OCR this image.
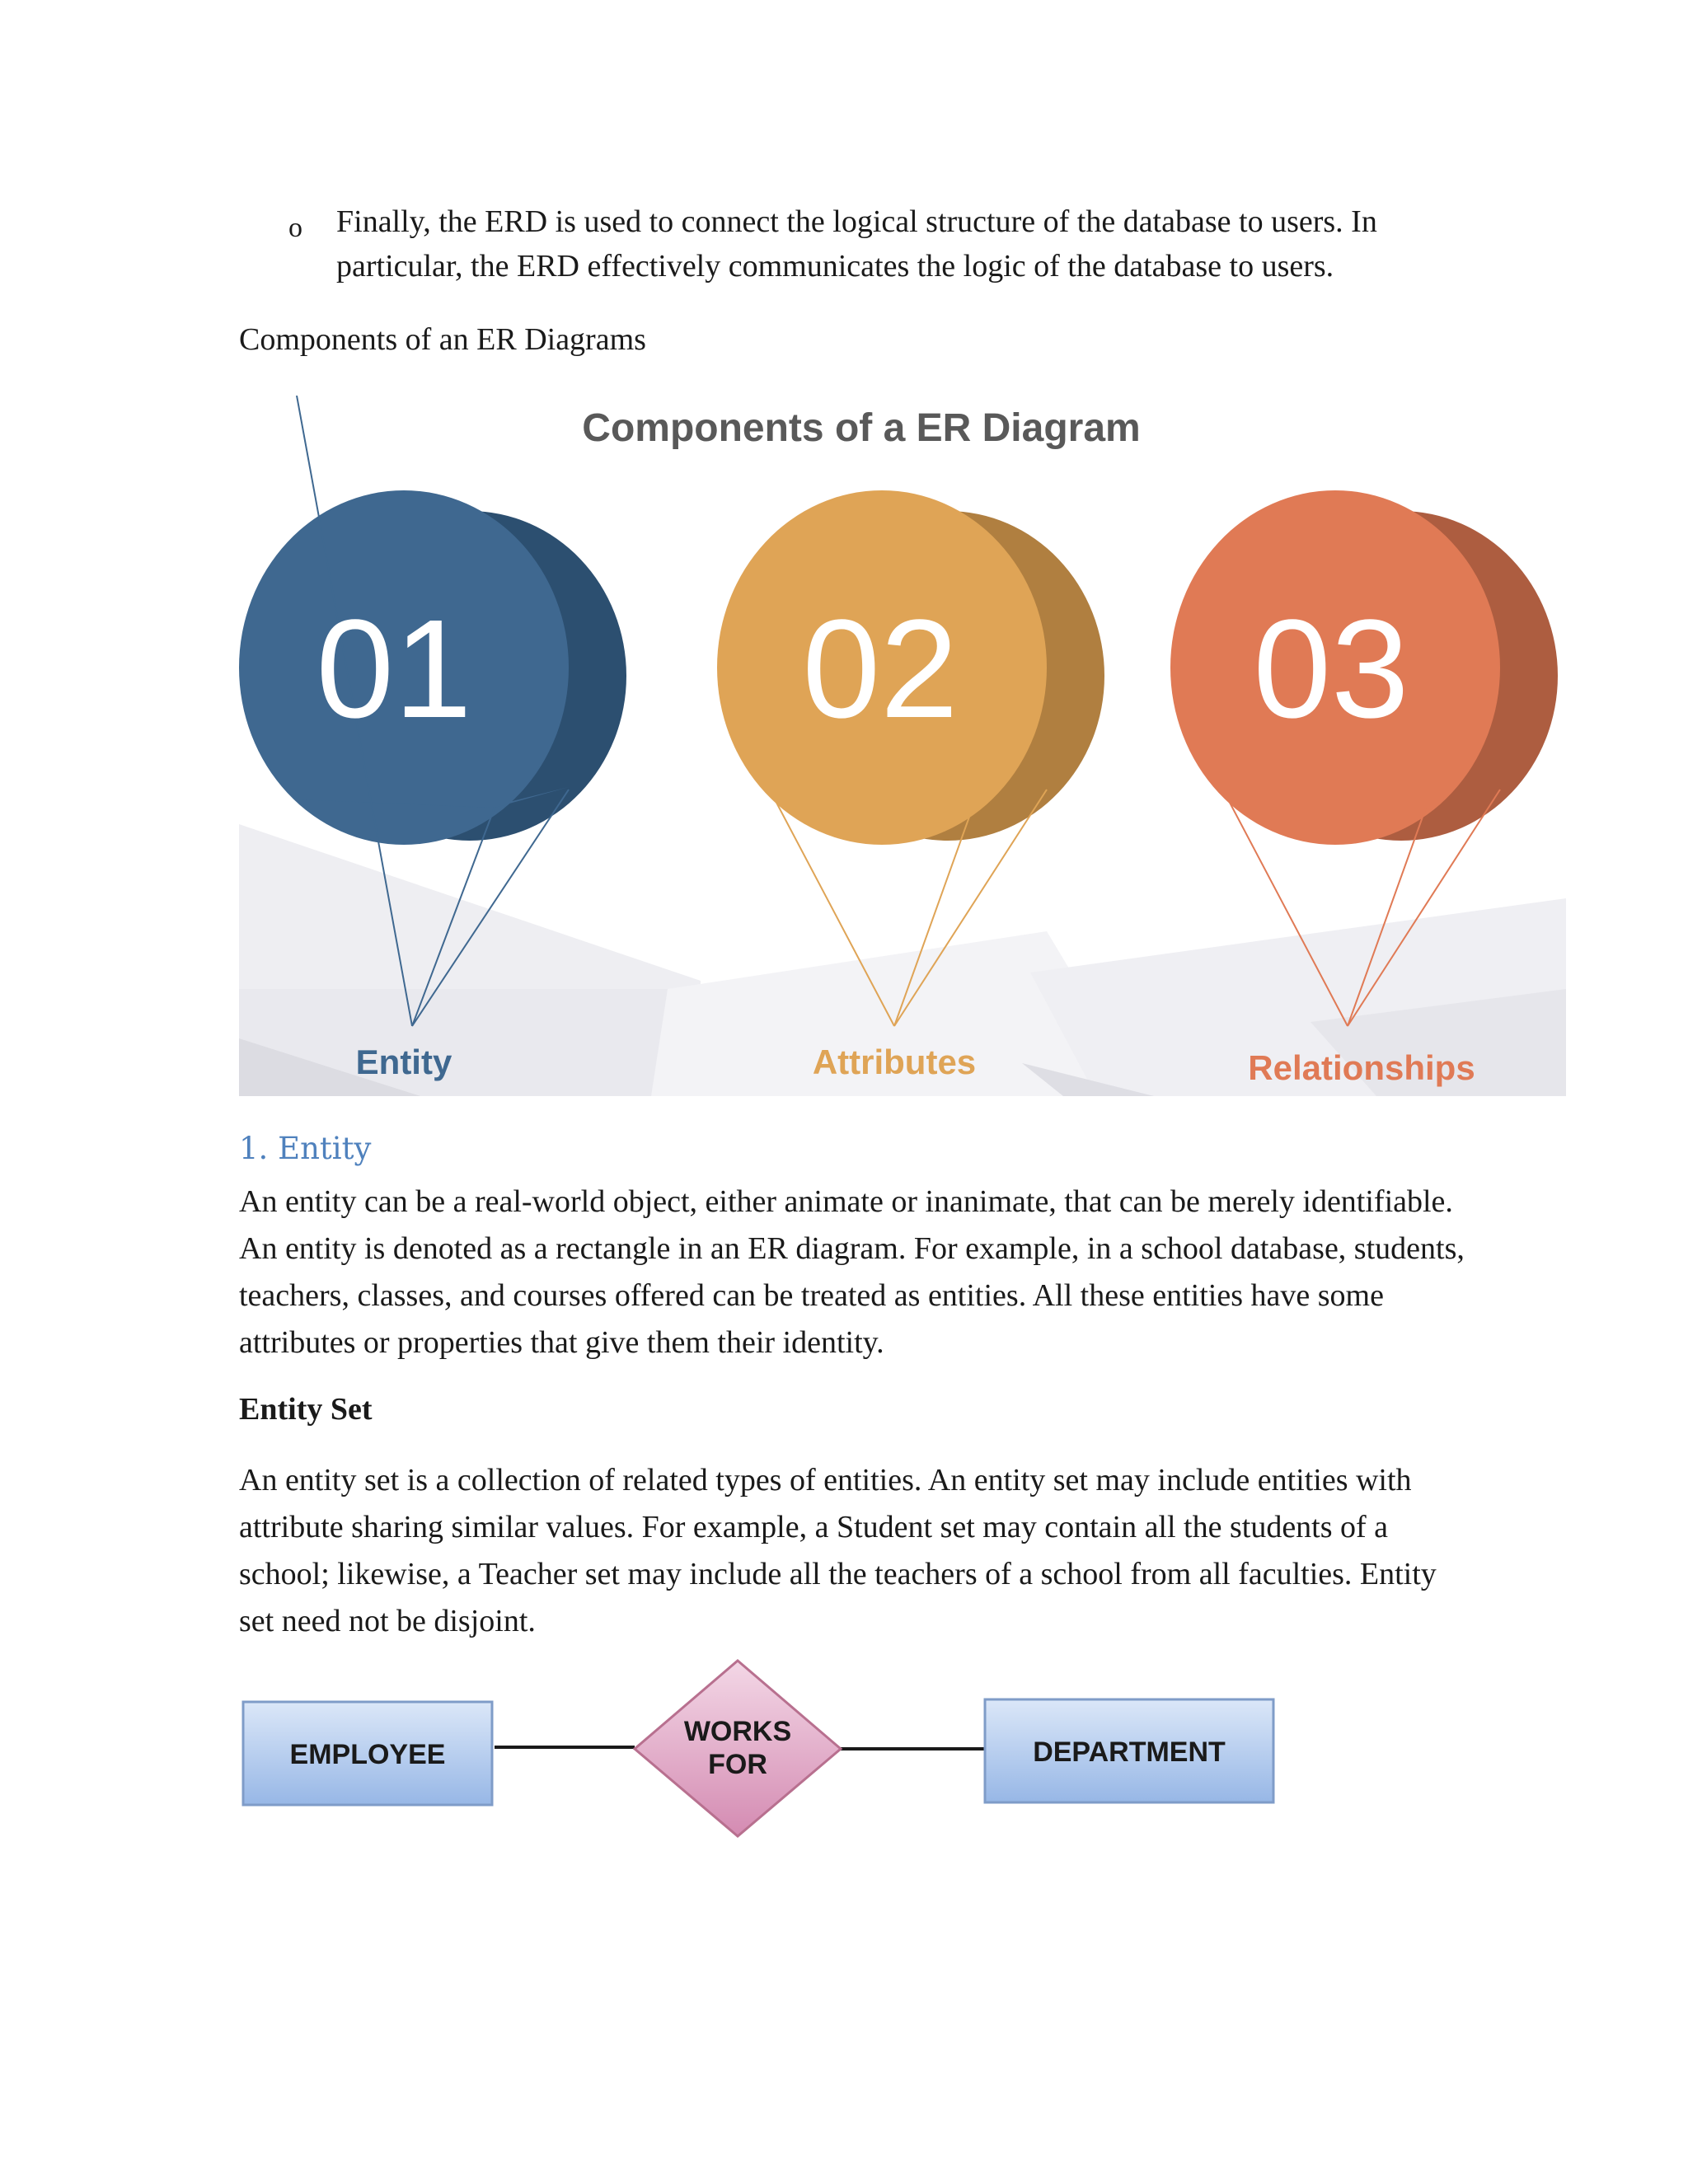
o Finally, the ERD is used to connect the logical structure of the database to users. In particular, the ERD effectively communicates the logic of the database to users.
Components of an ER Diagrams
Components of a ER Diagram
01
Entity
02
Attributes
03
Relationships
1. Entity
An entity can be a real-world object, either animate or inanimate, that can be merely identifiable. An entity is denoted as a rectangle in an ER diagram. For example, in a school database, students, teachers, classes, and courses offered can be treated as entities. All these entities have some attributes or properties that give them their identity.
Entity Set
An entity set is a collection of related types of entities. An entity set may include entities with attribute sharing similar values. For example, a Student set may contain all the students of a school; likewise, a Teacher set may include all the teachers of a school from all faculties. Entity set need not be disjoint.
EMPLOYEE
WORKS
FOR	DEPARTMENT
